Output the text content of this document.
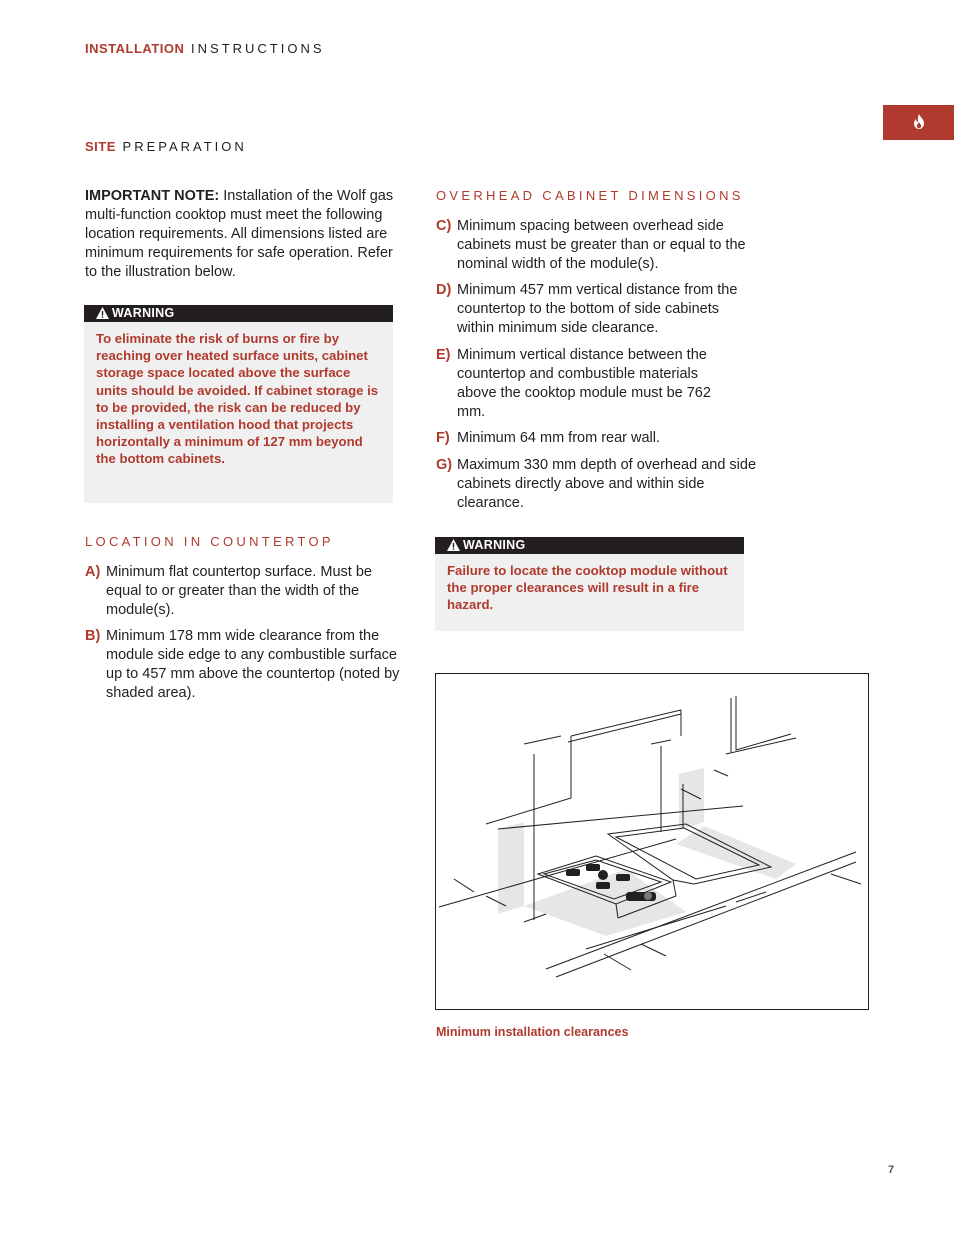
INSTALLATION INSTRUCTIONS
SITE PREPARATION
IMPORTANT NOTE: Installation of the Wolf gas multi-function cooktop must meet the following location requirements. All dimensions listed are minimum requirements for safe operation. Refer to the illustration below.
WARNING
To eliminate the risk of burns or fire by reaching over heated surface units, cabinet storage space located above the surface units should be avoided. If cabinet storage is to be provided, the risk can be reduced by installing a ventilation hood that projects horizontally a minimum of 127 mm beyond the bottom cabinets.
LOCATION IN COUNTERTOP
A) Minimum flat countertop surface. Must be equal to or greater than the width of the module(s).
B) Minimum 178 mm wide clearance from the module side edge to any combustible surface up to 457 mm above the countertop (noted by shaded area).
OVERHEAD CABINET DIMENSIONS
C) Minimum spacing between overhead side cabinets must be greater than or equal to the nominal width of the module(s).
D) Minimum 457 mm vertical distance from the countertop to the bottom of side cabinets within minimum side clearance.
E) Minimum vertical distance between the countertop and combustible materials above the cooktop module must be 762 mm.
F) Minimum 64 mm from rear wall.
G) Maximum 330 mm depth of overhead and side cabinets directly above and within side clearance.
WARNING
Failure to locate the cooktop module without the proper clearances will result in a fire hazard.
Minimum installation clearances
7
